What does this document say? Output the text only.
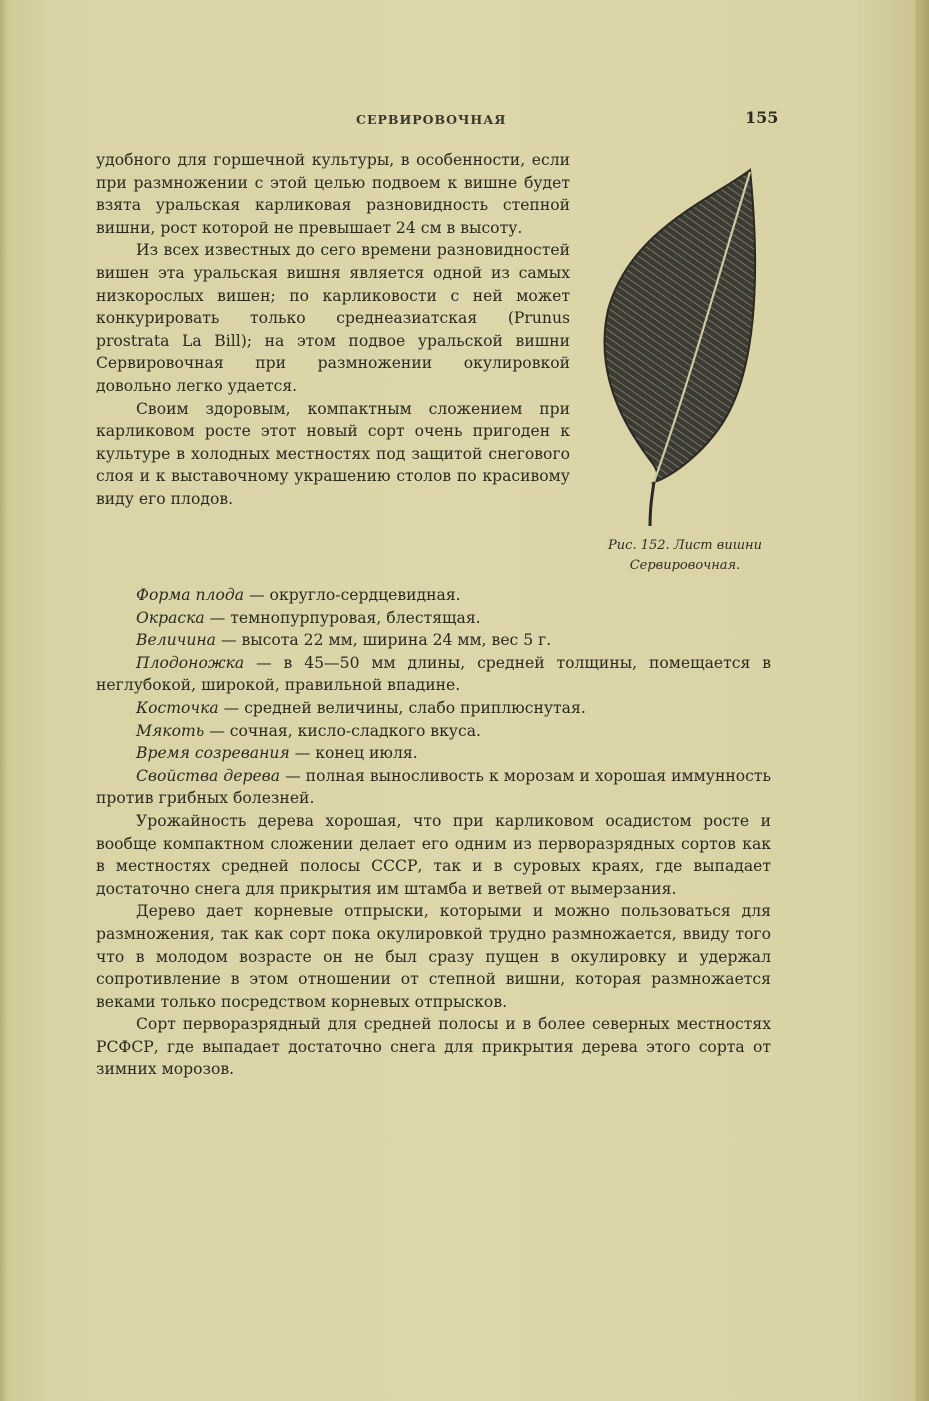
СЕРВИРОВОЧНАЯ	155

удобного для горшечной культуры, в особенности, если при размножении с этой целью подвоем к вишне будет взята уральская карликовая разновидность степной вишни, рост которой не превышает 24 см в высоту.

Из всех известных до сего времени разновидностей вишен эта уральская вишня является одной из самых низкорослых вишен; по карликовости с ней может конкурировать только среднеазиатская (Prunus prostrata La Bill); на этом подвое уральской вишни Сервировочная при размножении окулировкой довольно легко удается.

Своим здоровым, компактным сложением при карликовом росте этот новый сорт очень пригоден к культуре в холодных местностях под защитой снегового слоя и к выставочному украшению столов по красивому виду его плодов.

Рис. 152. Лист вишни
Сервировочная.

Форма плода — округло-сердцевидная.

Окраска — темнопурпуровая, блестящая.

Величина — высота 22 мм, ширина 24 мм, вес 5 г.

Плодоножка — в 45—50 мм длины, средней толщины, помещается в неглубокой, широкой, правильной впадине.

Косточка — средней величины, слабо приплюснутая.

Мякоть — сочная, кисло-сладкого вкуса.

Время созревания — конец июля.

Свойства дерева — полная выносливость к морозам и хорошая иммунность против грибных болезней.

Урожайность дерева хорошая, что при карликовом осадистом росте и вообще компактном сложении делает его одним из перворазрядных сортов как в местностях средней полосы СССР, так и в суровых краях, где выпадает достаточно снега для прикрытия им штамба и ветвей от вымерзания.

Дерево дает корневые отпрыски, которыми и можно пользоваться для размножения, так как сорт пока окулировкой трудно размножается, ввиду того что в молодом возрасте он не был сразу пущен в окулировку и удержал сопротивление в этом отношении от степной вишни, которая размножается веками только посредством корневых отпрысков.

Сорт перворазрядный для средней полосы и в более северных местностях РСФСР, где выпадает достаточно снега для прикрытия дерева этого сорта от зимних морозов.
